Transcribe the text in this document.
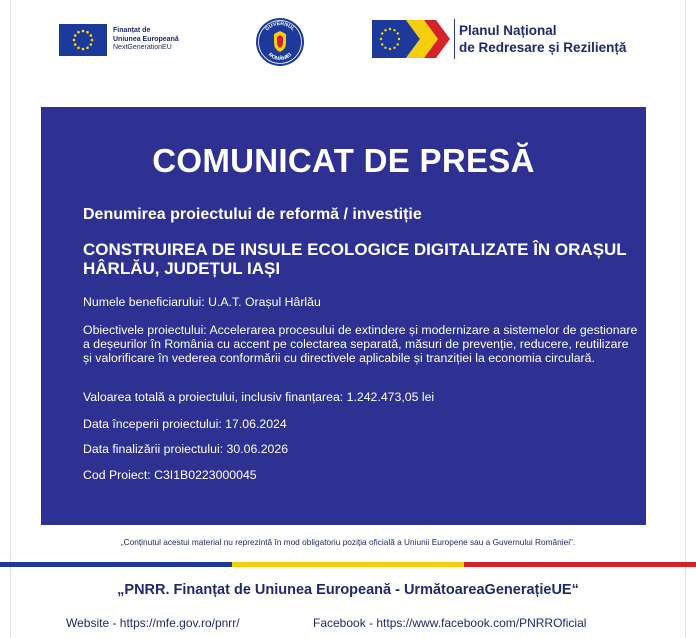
Finanțat de
Uniunea Europeană
NextGenerationEU
GUVERNUL
ROMÂNIEI
Planul Național
de Redresare și Reziliență
COMUNICAT DE PRESĂ
Denumirea proiectului de reformă / investiție
CONSTRUIREA DE INSULE ECOLOGICE DIGITALIZATE ÎN ORAȘUL HÂRLĂU, JUDEȚUL IAȘI
Numele beneficiarului: U.A.T. Orașul Hârlău
Obiectivele proiectului: Accelerarea procesului de extindere și modernizare a sistemelor de gestionare a deșeurilor în România cu accent pe colectarea separată, măsuri de prevenție, reducere, reutilizare și valorificare în vederea conformării cu directivele aplicabile și tranziției la economia circulară.
Valoarea totală a proiectului, inclusiv finanțarea: 1.242.473,05 lei
Data începerii proiectului: 17.06.2024
Data finalizării proiectului: 30.06.2026
Cod Proiect: C3I1B0223000045
„Conținutul acestui material nu reprezintă în mod obligatoriu poziția oficială a Uniunii Europene sau a Guvernului României”.
„PNRR. Finanțat de Uniunea Europeană - UrmătoareaGenerațieUE“
Website - https://mfe.gov.ro/pnrr/	Facebook - https://www.facebook.com/PNRROficial
